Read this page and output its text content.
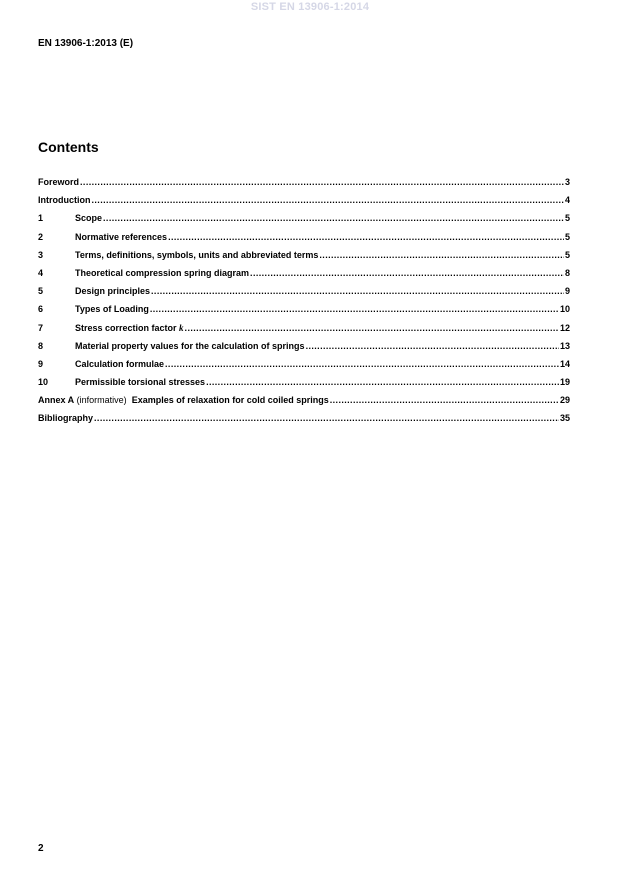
SIST EN 13906-1:2014
EN 13906-1:2013 (E)
Contents
Foreword .....	3
Introduction .....	4
1	Scope .....	5
2	Normative references .....	5
3	Terms, definitions, symbols, units and abbreviated terms .....	5
4	Theoretical compression spring diagram .....	8
5	Design principles .....	9
6	Types of Loading .....	10
7	Stress correction factor k .....	12
8	Material property values for the calculation of springs .....	13
9	Calculation formulae .....	14
10	Permissible torsional stresses .....	19
Annex A (informative)  Examples of relaxation for cold coiled springs .....	29
Bibliography .....	35
2
